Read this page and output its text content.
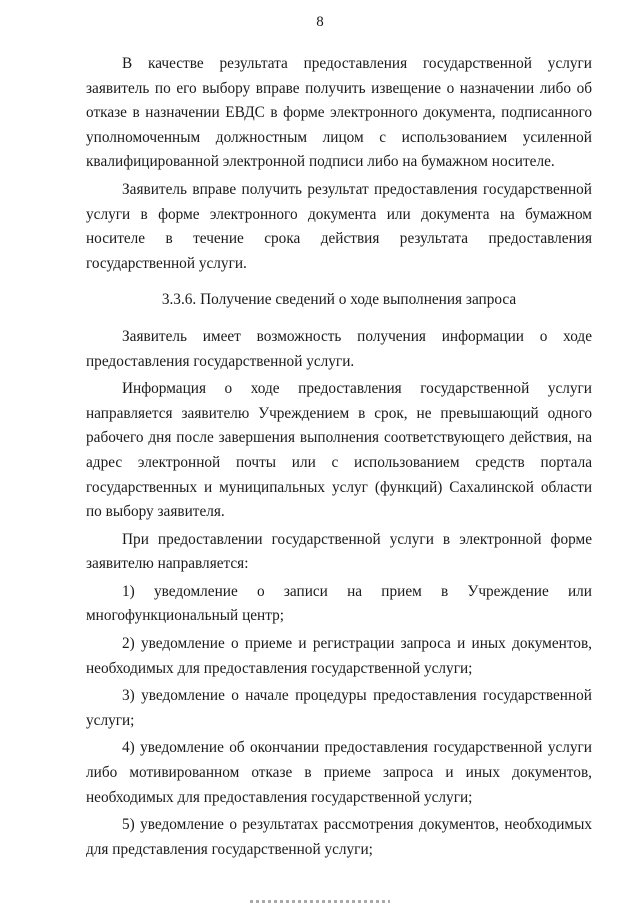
8

В качестве результата предоставления государственной услуги заявитель по его выбору вправе получить извещение о назначении либо об отказе в назначении ЕВДС в форме электронного документа, подписанного уполномоченным должностным лицом с использованием усиленной квалифицированной электронной подписи либо на бумажном носителе.

Заявитель вправе получить результат предоставления государственной услуги в форме электронного документа или документа на бумажном носителе в течение срока действия результата предоставления государственной услуги.

3.3.6. Получение сведений о ходе выполнения запроса

Заявитель имеет возможность получения информации о ходе предоставления государственной услуги.

Информация о ходе предоставления государственной услуги направляется заявителю Учреждением в срок, не превышающий одного рабочего дня после завершения выполнения соответствующего действия, на адрес электронной почты или с использованием средств портала государственных и муниципальных услуг (функций) Сахалинской области по выбору заявителя.

При предоставлении государственной услуги в электронной форме заявителю направляется:

1) уведомление о записи на прием в Учреждение или многофункциональный центр;

2) уведомление о приеме и регистрации запроса и иных документов, необходимых для предоставления государственной услуги;

3) уведомление о начале процедуры предоставления государственной услуги;

4) уведомление об окончании предоставления государственной услуги либо мотивированном отказе в приеме запроса и иных документов, необходимых для предоставления государственной услуги;

5) уведомление о результатах рассмотрения документов, необходимых для представления государственной услуги;
